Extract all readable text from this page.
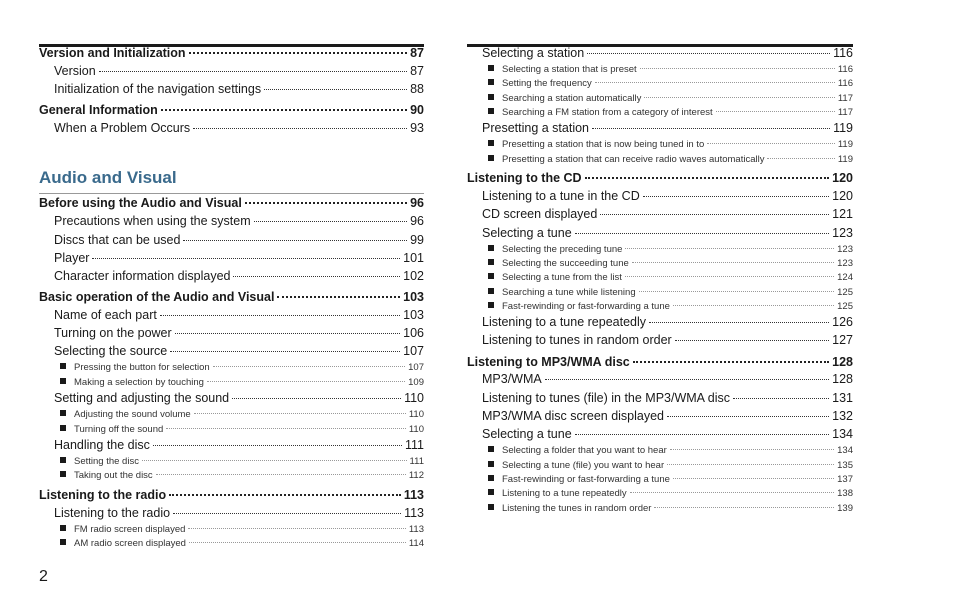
Audio and Visual
Version and Initialization	87
Version	87
Initialization of the navigation settings	88
General Information	90
When a Problem Occurs	93
Before using the Audio and Visual	96
Precautions when using the system	96
Discs that can be used	99
Player	101
Character information displayed	102
Basic operation of the Audio and Visual	103
Name of each part	103
Turning on the power	106
Selecting the source	107
Pressing the button for selection	107
Making a selection by touching	109
Setting and adjusting the sound	110
Adjusting the sound volume	110
Turning off the sound	110
Handling the disc	111
Setting the disc	111
Taking out the disc	112
Listening to the radio	113
Listening to the radio	113
FM radio screen displayed	113
AM radio screen displayed	114
Selecting a station	116
Selecting a station that is preset	116
Setting the frequency	116
Searching a station automatically	117
Searching a FM station from a category of interest	117
Presetting a station	119
Presetting a station that is now being tuned in to	119
Presetting a station that can receive radio waves automatically	119
Listening to the CD	120
Listening to a tune in the CD	120
CD screen displayed	121
Selecting a tune	123
Selecting the preceding tune	123
Selecting the succeeding tune	123
Selecting a tune from the list	124
Searching a tune while listening	125
Fast-rewinding or fast-forwarding a tune	125
Listening to a tune repeatedly	126
Listening to tunes in random order	127
Listening to MP3/WMA disc	128
MP3/WMA	128
Listening to tunes (file) in the MP3/WMA disc	131
MP3/WMA disc screen displayed	132
Selecting a tune	134
Selecting a folder that you want to hear	134
Selecting a tune (file) you want to hear	135
Fast-rewinding or fast-forwarding a tune	137
Listening to a tune repeatedly	138
Listening the tunes in random order	139
2
